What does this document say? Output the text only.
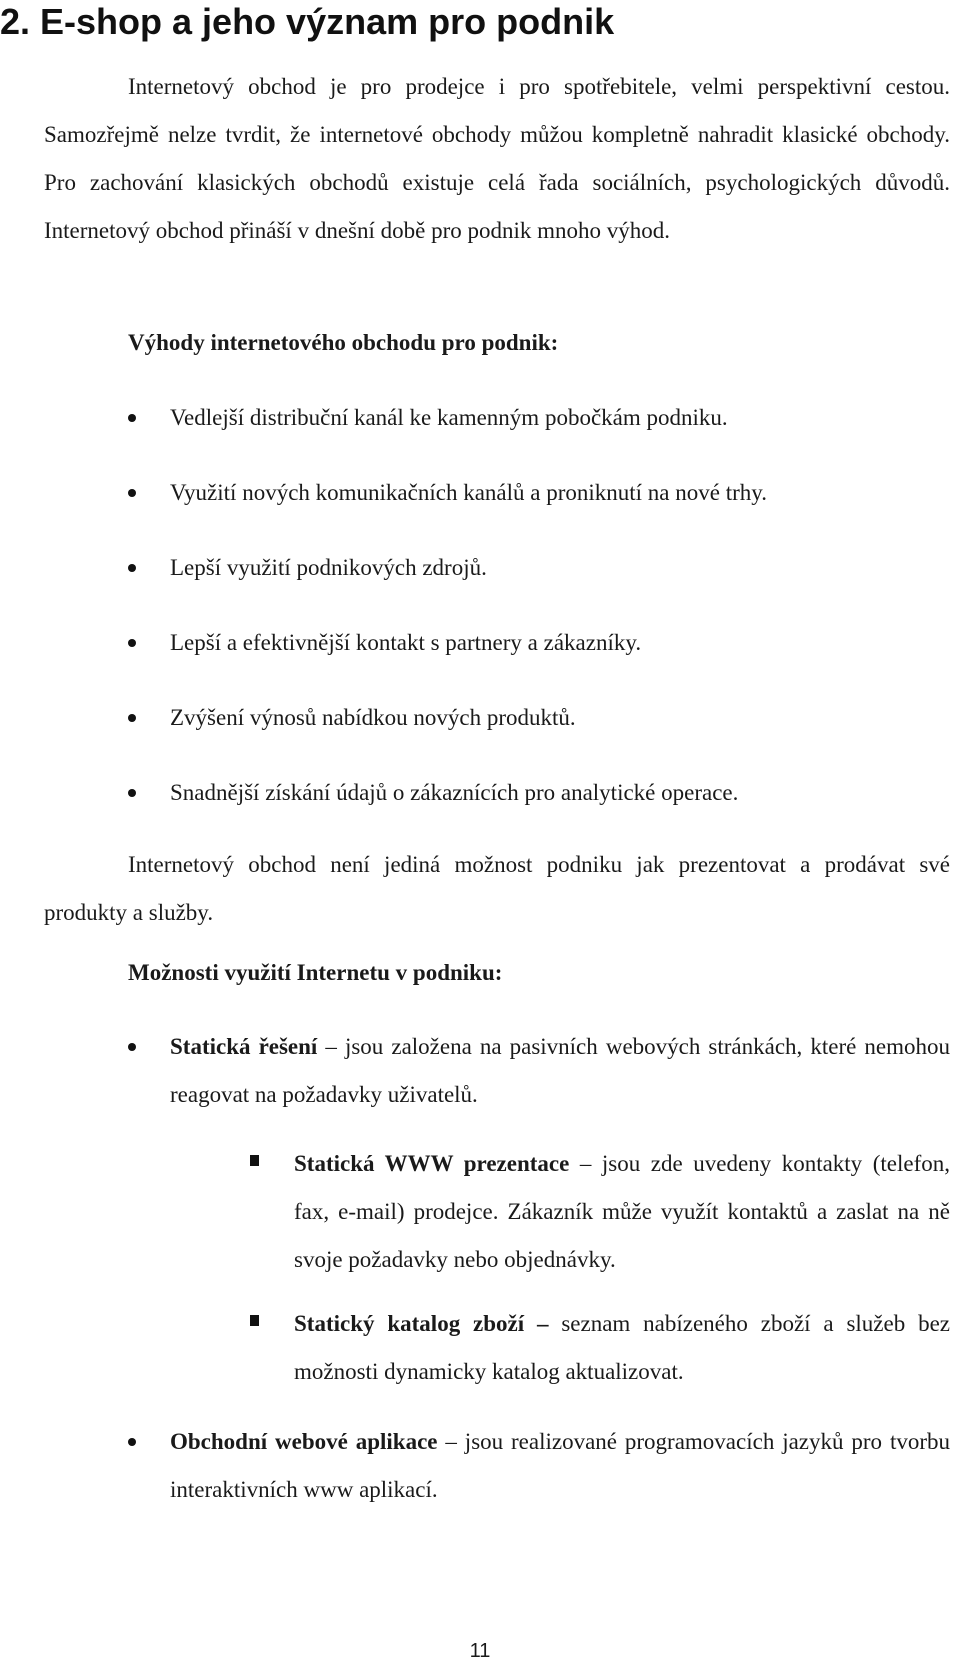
2. E-shop a jeho význam pro podnik

Internetový obchod je pro prodejce i pro spotřebitele, velmi perspektivní cestou. Samozřejmě nelze tvrdit, že internetové obchody můžou kompletně nahradit klasické obchody. Pro zachování klasických obchodů existuje celá řada sociálních, psychologických důvodů. Internetový obchod přináší v dnešní době pro podnik mnoho výhod.

Výhody internetového obchodu pro podnik:

Vedlejší distribuční kanál ke kamenným pobočkám podniku.
Využití nových komunikačních kanálů a proniknutí na nové trhy.
Lepší využití podnikových zdrojů.
Lepší a efektivnější kontakt s partnery a zákazníky.
Zvýšení výnosů nabídkou nových produktů.
Snadnější získání údajů o zákaznících pro analytické operace.

Internetový obchod není jediná možnost podniku jak prezentovat a prodávat své produkty a služby.

Možnosti využití Internetu v podniku:

Statická řešení – jsou založena na pasivních webových stránkách, které nemohou reagovat na požadavky uživatelů.
Statická WWW prezentace – jsou zde uvedeny kontakty (telefon, fax, e-mail) prodejce. Zákazník může využít kontaktů a zaslat na ně svoje požadavky nebo objednávky.
Statický katalog zboží – seznam nabízeného zboží a služeb bez možnosti dynamicky katalog aktualizovat.
Obchodní webové aplikace – jsou realizované programovacích jazyků pro tvorbu interaktivních www aplikací.
11
